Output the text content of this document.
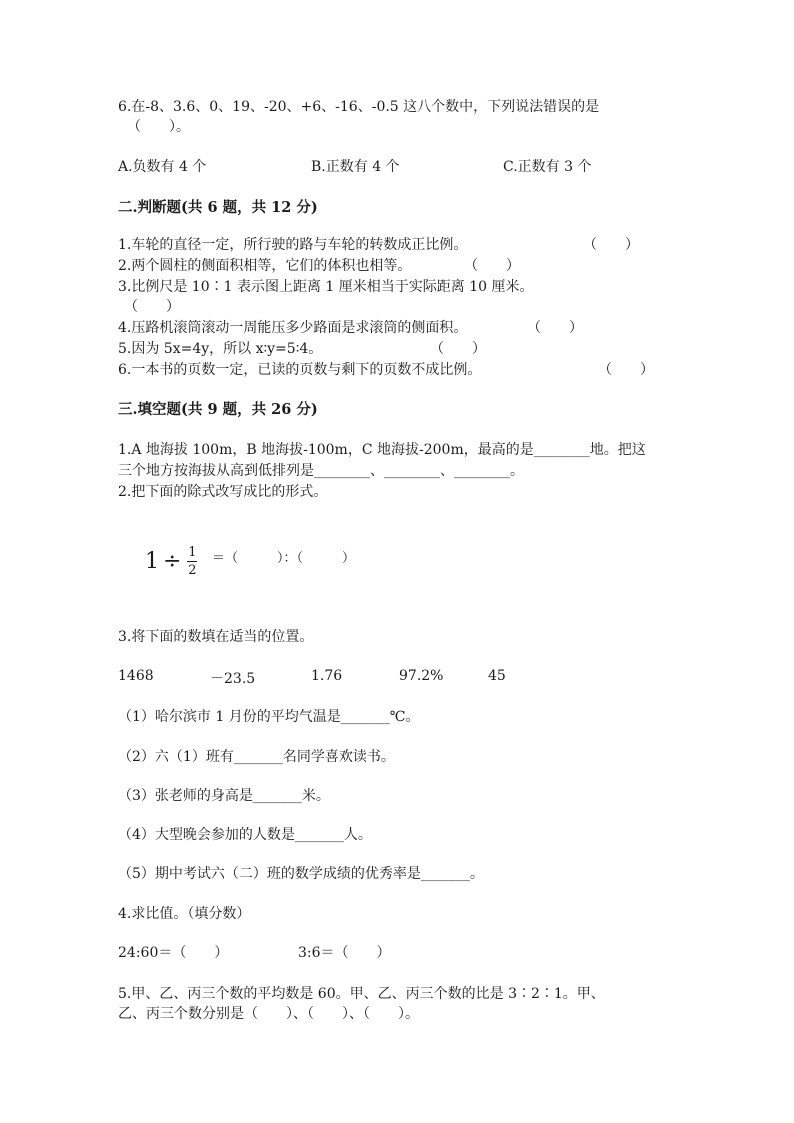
6.在-8、3.6、0、19、-20、+6、-16、-0.5 这八个数中，下列说法错误的是
（　　）。
A.负数有 4 个	B.正数有 4 个	C.正数有 3 个
二.判断题(共 6 题，共 12 分)
1.车轮的直径一定，所行驶的路与车轮的转数成正比例。	（　　）
2.两个圆柱的侧面积相等，它们的体积也相等。	（　　）
3.比例尺是 10∶1 表示图上距离 1 厘米相当于实际距离 10 厘米。
（　　）
4.压路机滚筒滚动一周能压多少路面是求滚筒的侧面积。	（　　）
5.因为 5x=4y，所以 x∶y=5∶4。	（　　）
6.一本书的页数一定，已读的页数与剩下的页数不成比例。	（　　）
三.填空题(共 9 题，共 26 分)
1.A 地海拔 100m，B 地海拔-100m，C 地海拔-200m，最高的是________地。把这
三个地方按海拔从高到低排列是________、________、________。
2.把下面的除式改写成比的形式。
1 ÷ 1
2
＝（　　　）：（　　　）
3.将下面的数填在适当的位置。
1468	－23.5	1.76	97.2%	45
（1）哈尔滨市 1 月份的平均气温是_______℃。
（2）六（1）班有_______名同学喜欢读书。
（3）张老师的身高是_______米。
（4）大型晚会参加的人数是_______人。
（5）期中考试六（二）班的数学成绩的优秀率是_______。
4.求比值。（填分数）
24:60＝（　　）	3:6＝（　　）
5.甲、乙、丙三个数的平均数是 60。甲、乙、丙三个数的比是 3∶2∶1。甲、
乙、丙三个数分别是（　　）、（　　）、（　　）。
